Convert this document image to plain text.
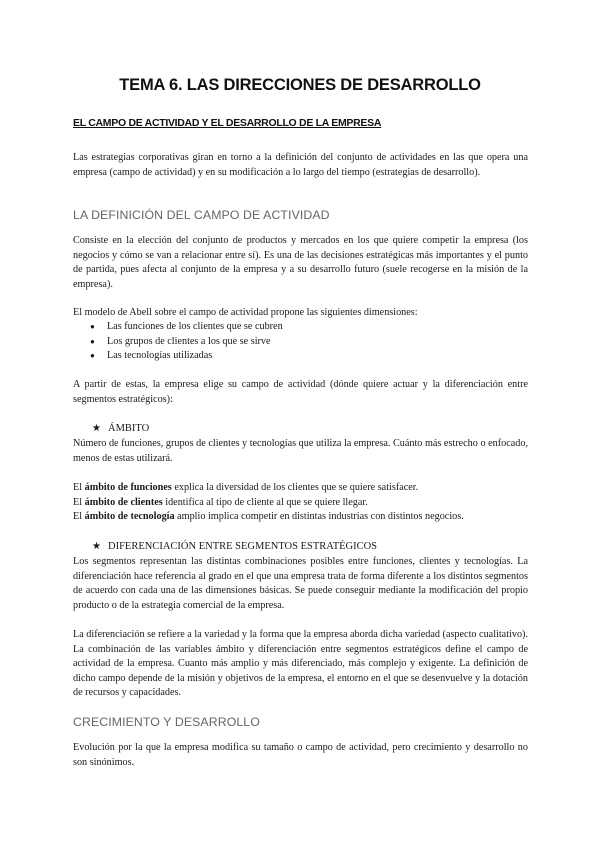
TEMA 6. LAS DIRECCIONES DE DESARROLLO
EL CAMPO DE ACTIVIDAD Y EL DESARROLLO DE LA EMPRESA

Las estrategias corporativas giran en torno a la definición del conjunto de actividades en las que opera una empresa (campo de actividad) y en su modificación a lo largo del tiempo (estrategias de desarrollo).

LA DEFINICIÓN DEL CAMPO DE ACTIVIDAD

Consiste en la elección del conjunto de productos y mercados en los que quiere competir la empresa (los negocios y cómo se van a relacionar entre sí). Es una de las decisiones estratégicas más importantes y el punto de partida, pues afecta al conjunto de la empresa y a su desarrollo futuro (suele recogerse en la misión de la empresa).

El modelo de Abell sobre el campo de actividad propone las siguientes dimensiones:

●	Las funciones de los clientes que se cubren
●	Los grupos de clientes a los que se sirve
●	Las tecnologías utilizadas

A partir de estas, la empresa elige su campo de actividad (dónde quiere actuar y la diferenciación entre segmentos estratégicos):

★ ÁMBITO

Número de funciones, grupos de clientes y tecnologías que utiliza la empresa. Cuánto más estrecho o enfocado, menos de estas utilizará.

El ámbito de funciones explica la diversidad de los clientes que se quiere satisfacer.
El ámbito de clientes identifica al tipo de cliente al que se quiere llegar.
El ámbito de tecnología amplio implica competir en distintas industrias con distintos negocios.
★ DIFERENCIACIÓN ENTRE SEGMENTOS ESTRATÉGICOS

Los segmentos representan las distintas combinaciones posibles entre funciones, clientes y tecnologías. La diferenciación hace referencia al grado en el que una empresa trata de forma diferente a los distintos segmentos de acuerdo con cada una de las dimensiones básicas. Se puede conseguir mediante la modificación del propio producto o de la estrategia comercial de la empresa.

La diferenciación se refiere a la variedad y la forma que la empresa aborda dicha variedad (aspecto cualitativo). La combinación de las variables ámbito y diferenciación entre segmentos estratégicos define el campo de actividad de la empresa. Cuanto más amplio y más diferenciado, más complejo y exigente. La definición de dicho campo depende de la misión y objetivos de la empresa, el entorno en el que se desenvuelve y la dotación de recursos y capacidades.

CRECIMIENTO Y DESARROLLO

Evolución por la que la empresa modifica su tamaño o campo de actividad, pero crecimiento y desarrollo no son sinónimos.
